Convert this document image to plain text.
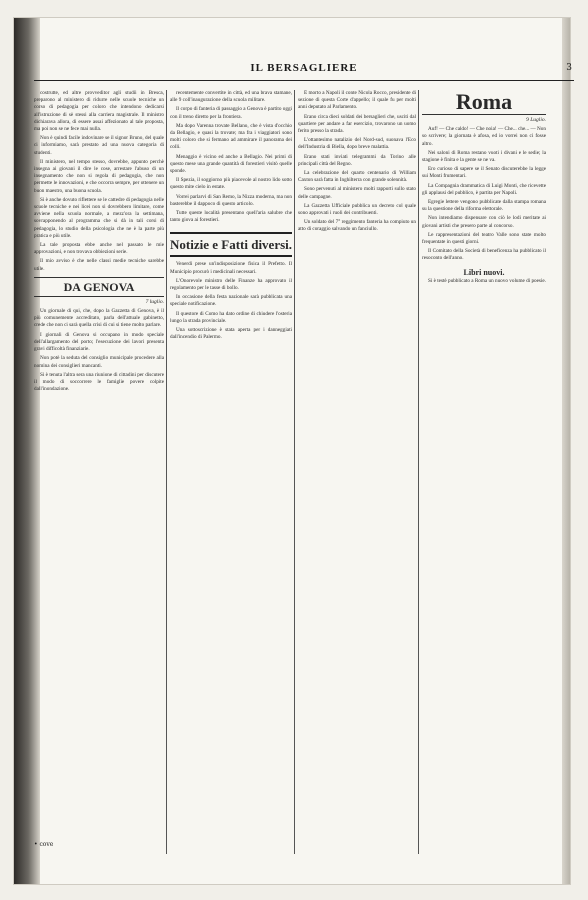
IL BERSAGLIERE	3

costrutte, ed altre provveditor agli studii in Bresca, preparono al ministero di ridurre nelle scuole tecniche un corso di pedagogia per coloro che intendono dedicarsi all'istruzione di sè stessi alla carriera magistrale. Il ministro dichiarava allora, di essere assai affezionato al tale proposta, ma poi non se ne fece mai nulla.

Non è quindi facile indovinare se il signor Bruno, del quale ci informiamo, sarà prestato ad una nuova categoria di studenti.

Il ministero, nel tempo stesso, dovrebbe, appunto perchè insegna ai giovani il dire le cose, arrestare l'abuso di un insegnamento che non si regola di pedagogia, che non permette le innovazioni, e che occorra sempre, per ottenere un buon maestro, una buona scuola.

Si è anche dovuto riflettere se le cattedre di pedagogia nelle scuole tecniche e nei licei non si dovrebbero limitare, come avviene nella scuola normale, a mezz'ora la settimana, sovrapponendo al programma che si dà in tali corsi di pedagogia, lo studio della psicologia che ne è la parte più pratica e più utile.

La tale proposta ebbe anche nel passato le mie approvazioni, e non trovava obbiezioni serie.

Il mio avviso è che nelle classi medie tecniche sarebbe utile.

DA GENOVA
7 luglio.

Un giornale di qui, che, dopo la Gazzetta di Genova, è il più comunemente accreditato, parla dell'attuale gabinetto, crede che non ci sarà quella crisi di cui si tiene molto parlare.

I giornali di Genova si occupano in modo speciale dell'allargamento del porto; l'esecuzione dei lavori presenta gravi difficoltà finanziarie.

Non potè la seduta del consiglio municipale procedere alla nomina dei consiglieri mancanti.

Si è tenuta l'altra sera una riunione di cittadini per discutere il modo di soccorrere le famiglie povere colpite dall'inondazione.

recentemente convertite in città, ed una brava stamane, alle 9 coll'inaugurazione della scuola militare.

Il corpo di fanteria di passaggio a Genova è partito oggi con il treno diretto per la frontiera.

Ma dopo Varenna trovate Bellano, che è vista d'occhio da Bellagio, e quasi la trovate; ma fra i viaggiatori sono molti coloro che si fermano ad ammirare il panorama dei colli.

Menaggio è vicino ed anche a Bellagio. Nei primi di questo mese una grande quantità di forestieri visitò quelle sponde.

Il Spezia, il soggiorno più piacevole al nostro lido sotto questo mite cielo in estate.

Vorrei parlarvi di San Remo, la Nizza moderna, ma non basterebbe il dappoco di questo articolo.

Tutte queste località presentano quell'aria salubre che tanto giova ai forestieri.

Notizie e Fatti diversi.

Venerdì prese un'indisposizione fisica il Prefetto. Il Municipio procurò i medicinali necessari.

L'Onorevole ministro delle Finanze ha approvato il regolamento per le tasse di bollo.

In occasione della festa nazionale sarà pubblicata una speciale notificazione.

Il questore di Como ha dato ordine di chiudere l'osteria lungo la strada provinciale.

Una sottoscrizione è stata aperta per i danneggiati dall'incendio di Palermo.

È morto a Napoli il conte Nicola Rocco, presidente di sezione di questa Corte d'appello; il quale fu per molti anni deputato al Parlamento.

Erano circa dieci soldati dei bersaglieri che, usciti dal quartiere per andare a far esercizio, trovarono un uomo ferito presso la strada.

L'ottantesimo natalizio del Nord-sud, suonava l'Eco dell'Industria di Biella, dopo breve malattia.

Erano stati inviati telegrammi da Torino alle principali città del Regno.

La celebrazione del quarto centenario di William Caxton sarà fatta in Inghilterra con grande solennità.

Sono pervenuti al ministero molti rapporti sullo stato delle campagne.

La Gazzetta Ufficiale pubblica un decreto col quale sono approvati i ruoli dei contribuenti.

Un soldato del 7° reggimento fanteria ha compiuto un atto di coraggio salvando un fanciullo.

Roma
9 Luglio.

Auf! — Che caldo! — Che noia! — Che... che... — Non so scrivere; la giornata è afosa, ed io vorrei non ci fosse altro.

Nei saloni di Roma restano vuoti i divani e le sedie; la stagione è finita e la gente se ne va.

Ero curioso di sapere se il Senato discuterebbe la legge sui Monti frumentari.

La Compagnia drammatica di Luigi Monti, che ricevette gli applausi del pubblico, è partita per Napoli.

Egregie lettere vengono pubblicate dalla stampa romana su la questione della riforma elettorale.

Non intendiamo dispensare con ciò le lodi meritate ai giovani artisti che presero parte al concorso.

Le rappresentazioni del teatro Valle sono state molto frequentate in questi giorni.

Il Comitato della Società di beneficenza ha pubblicato il resoconto dell'anno.

Libri nuovi.

Si è testè pubblicato a Roma un nuovo volume di poesie.

• cove
